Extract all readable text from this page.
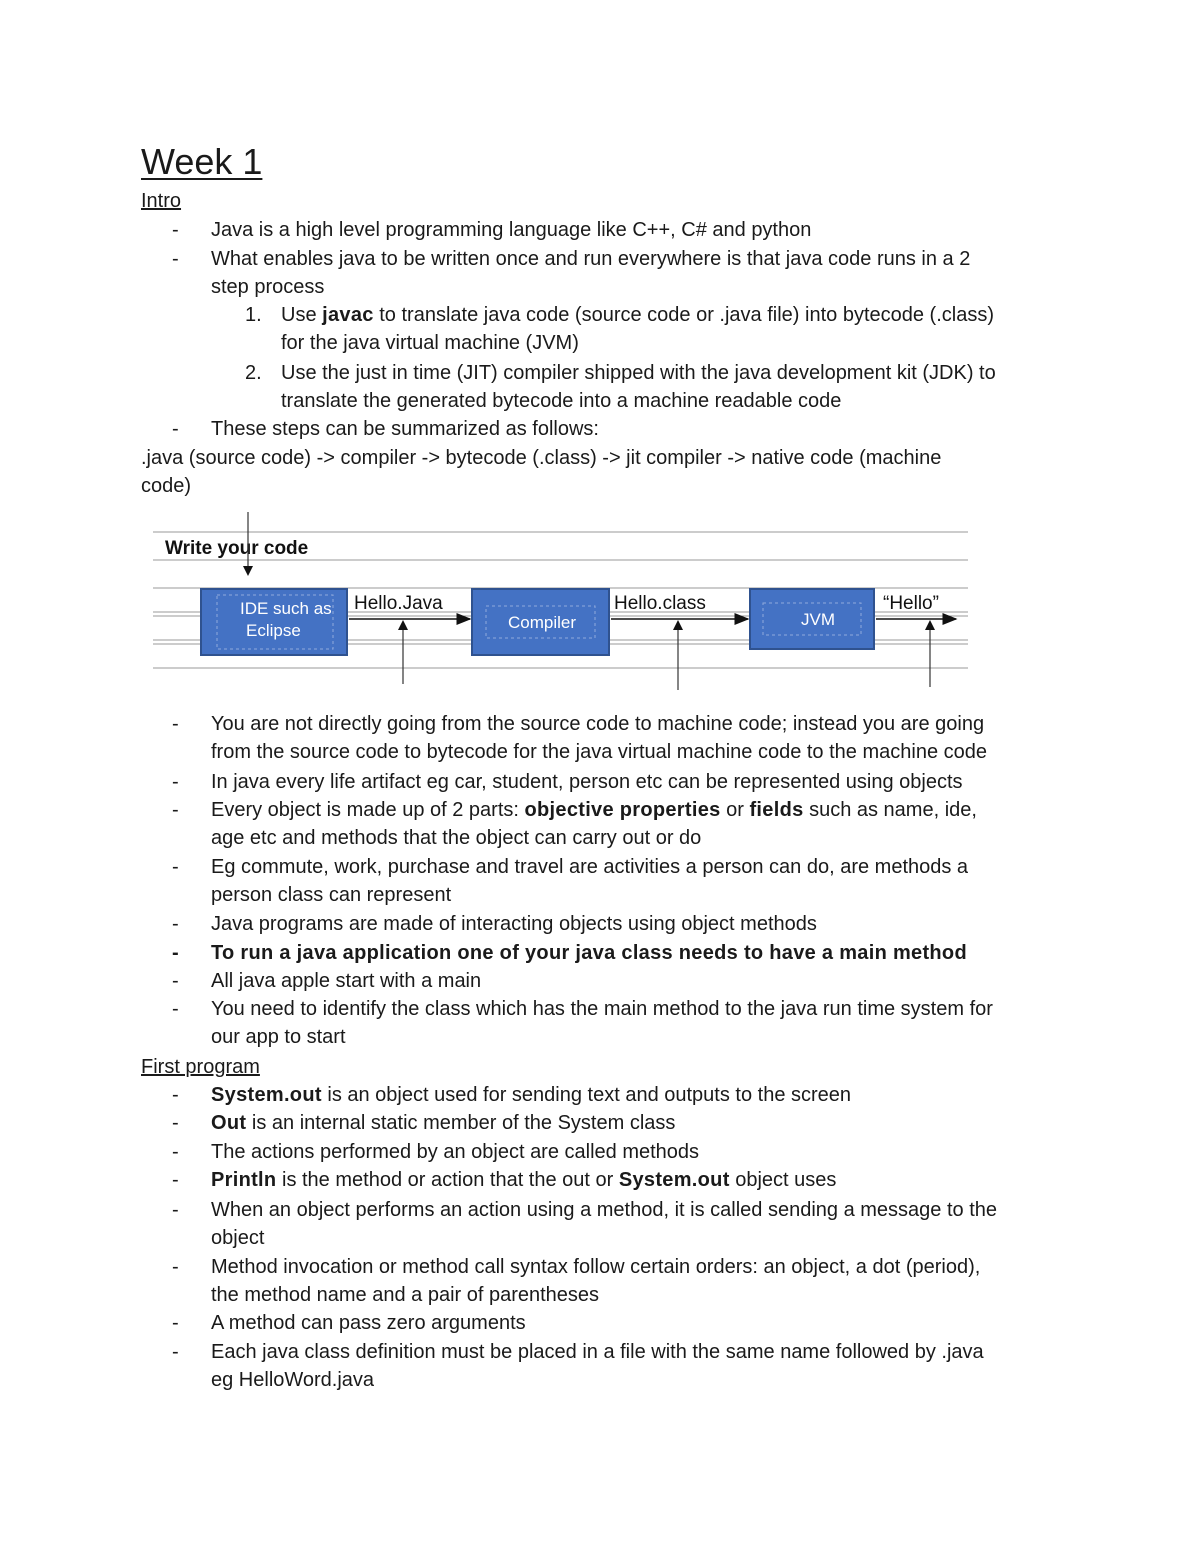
Week 1
Intro
- Java is a high level programming language like C++, C# and python
- What enables java to be written once and run everywhere is that java code runs in a 2
step process
1. Use javac to translate java code (source code or .java file) into bytecode (.class)
for the java virtual machine (JVM)
2. Use the just in time (JIT) compiler shipped with the java development kit (JDK) to
translate the generated bytecode into a machine readable code
- These steps can be summarized as follows:
.java (source code) -> compiler -> bytecode (.class) -> jit compiler -> native code (machine
code)
Write your code
IDE such as
Eclipse
Hello.Java
Compiler
Hello.class
JVM
“Hello”
- You are not directly going from the source code to machine code; instead you are going
from the source code to bytecode for the java virtual machine code to the machine code
- In java every life artifact eg car, student, person etc can be represented using objects
- Every object is made up of 2 parts: objective properties or fields such as name, ide,
age etc and methods that the object can carry out or do
- Eg commute, work, purchase and travel are activities a person can do, are methods a
person class can represent
- Java programs are made of interacting objects using object methods
- To run a java application one of your java class needs to have a main method
- All java apple start with a main
- You need to identify the class which has the main method to the java run time system for
our app to start
First program
- System.out is an object used for sending text and outputs to the screen
- Out is an internal static member of the System class
- The actions performed by an object are called methods
- Println is the method or action that the out or System.out object uses
- When an object performs an action using a method, it is called sending a message to the
object
- Method invocation or method call syntax follow certain orders: an object, a dot (period),
the method name and a pair of parentheses
- A method can pass zero arguments
- Each java class definition must be placed in a file with the same name followed by .java
eg HelloWord.java
